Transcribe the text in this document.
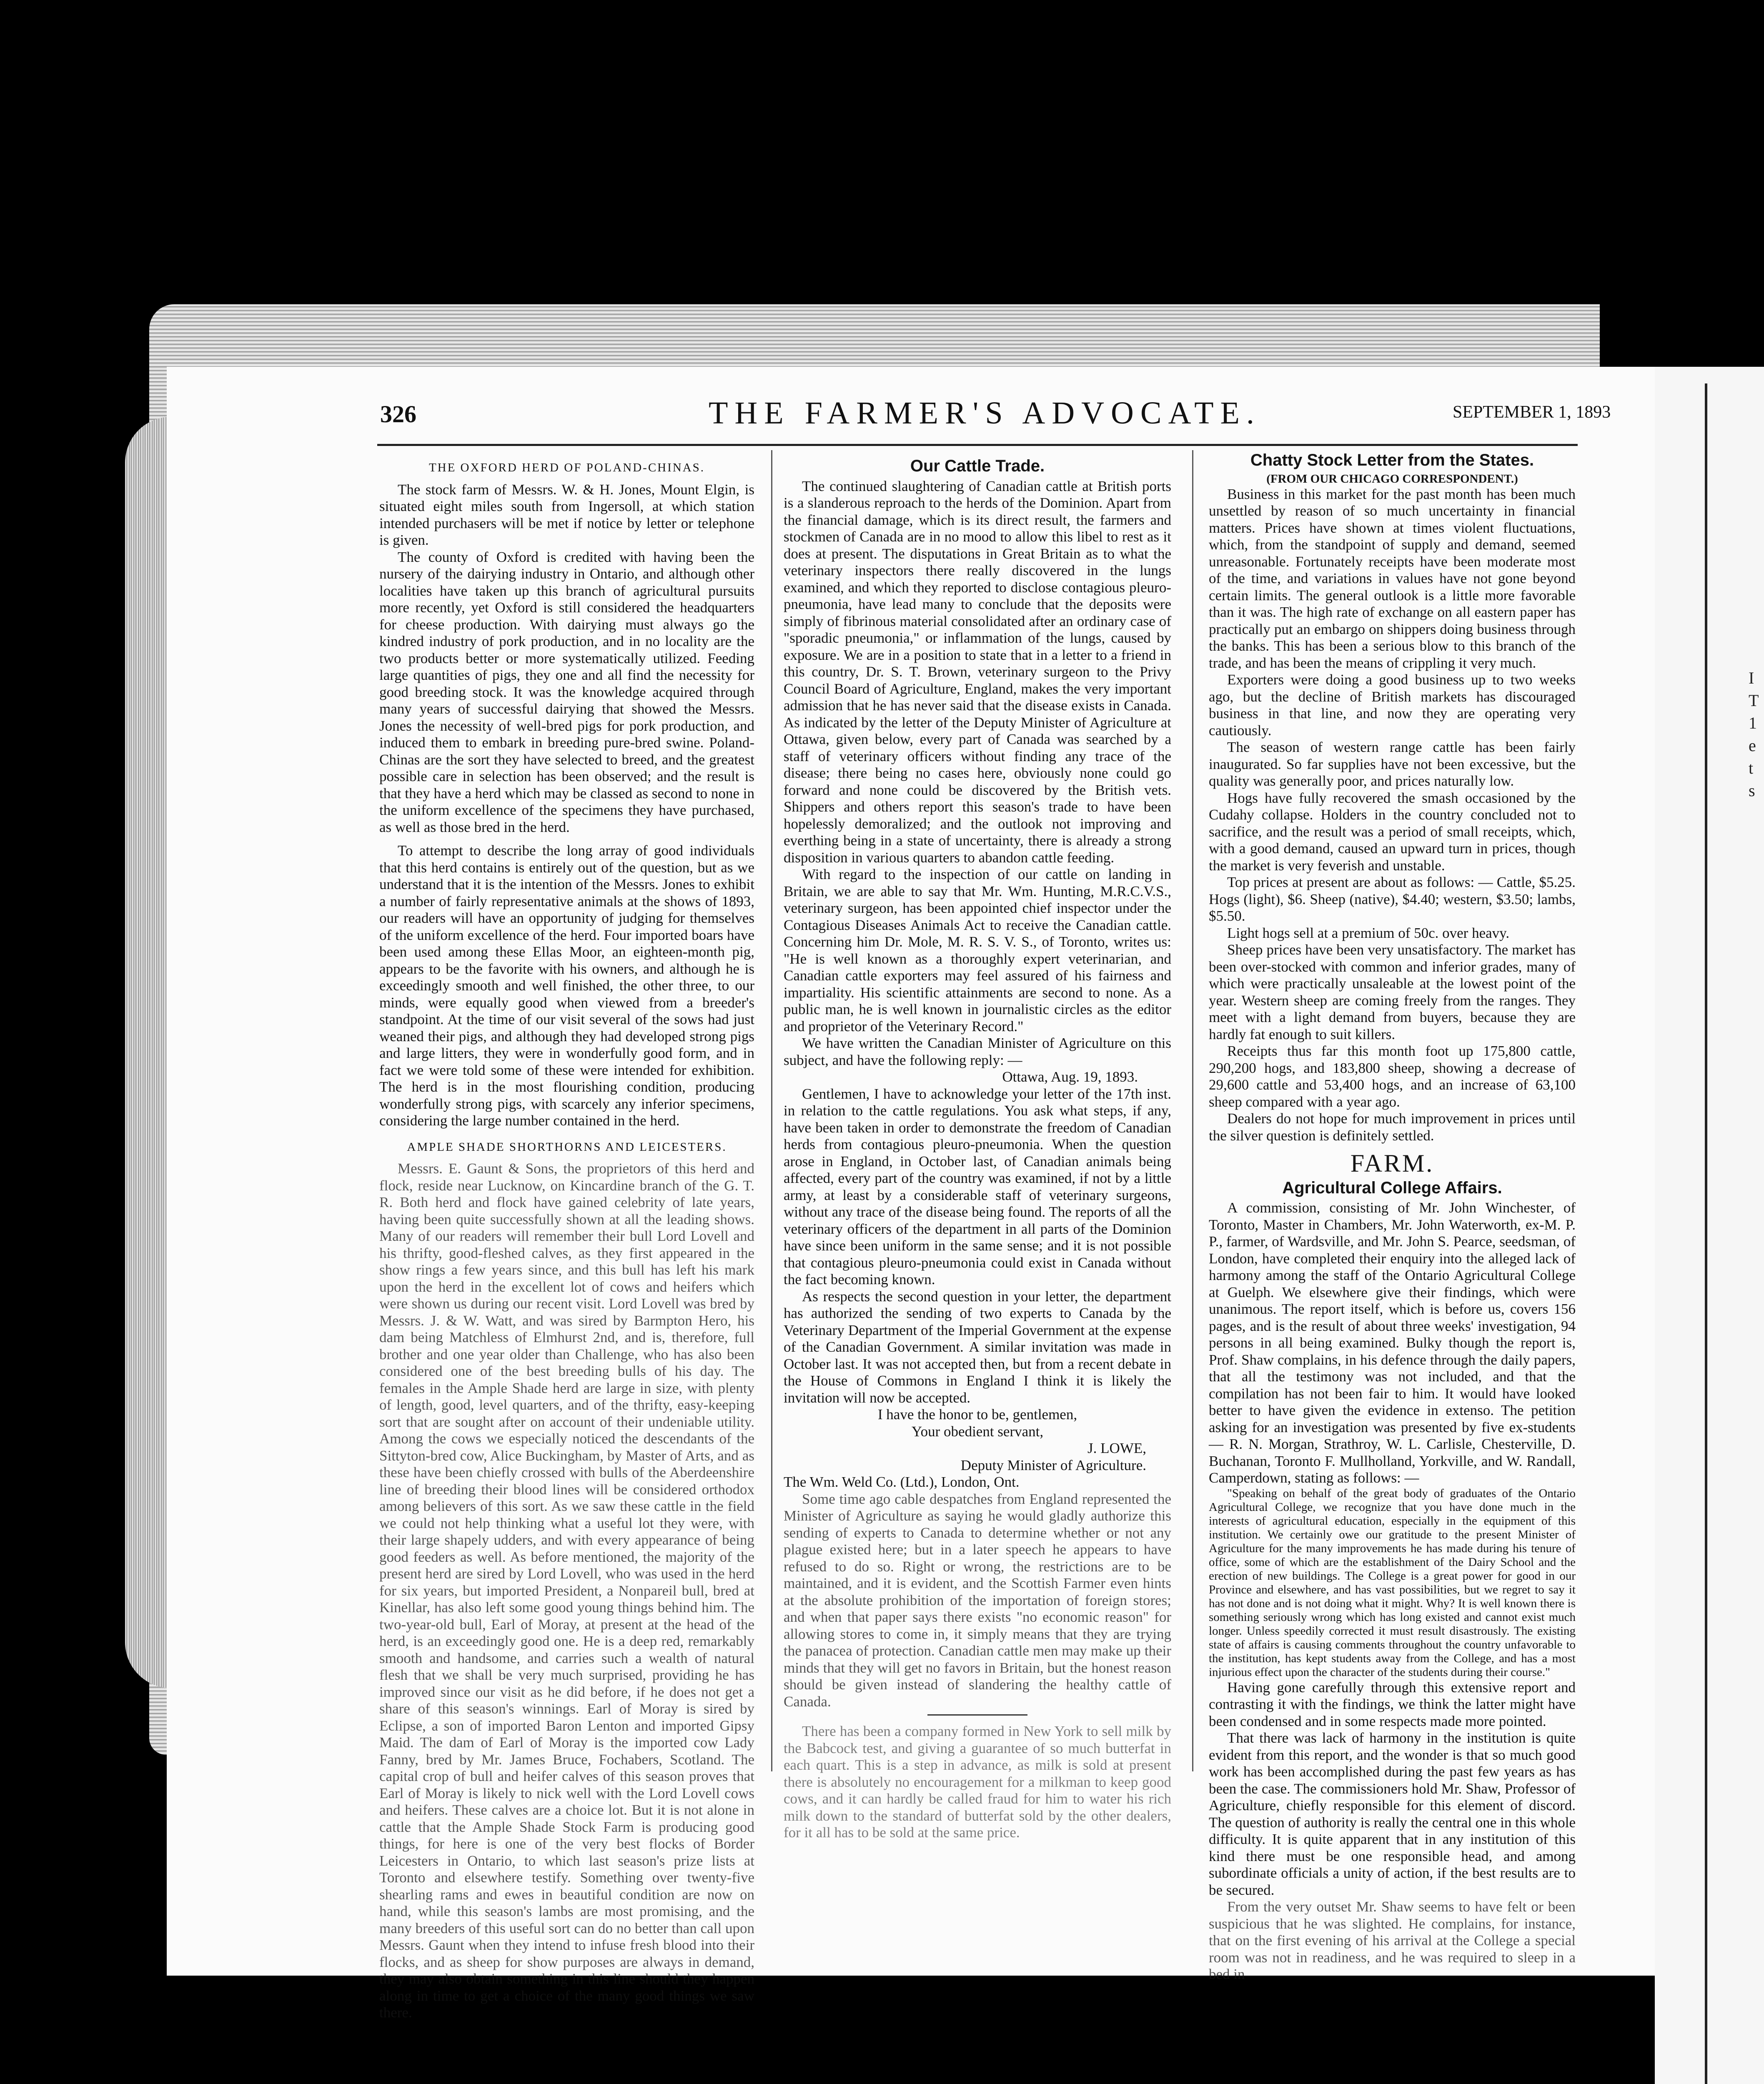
326	THE FARMER'S ADVOCATE.	SEPTEMBER 1, 1893
THE OXFORD HERD OF POLAND-CHINAS.

The stock farm of Messrs. W. & H. Jones, Mount Elgin, is situated eight miles south from Ingersoll, at which station intended purchasers will be met if notice by letter or telephone is given.

The county of Oxford is credited with having been the nursery of the dairying industry in Ontario, and although other localities have taken up this branch of agricultural pursuits more recently, yet Oxford is still considered the headquarters for cheese production. With dairying must always go the kindred industry of pork production, and in no locality are the two products better or more systematically utilized. Feeding large quantities of pigs, they one and all find the necessity for good breeding stock. It was the knowledge acquired through many years of successful dairying that showed the Messrs. Jones the necessity of well-bred pigs for pork production, and induced them to embark in breeding pure-bred swine. Poland-Chinas are the sort they have selected to breed, and the greatest possible care in selection has been observed; and the result is that they have a herd which may be classed as second to none in the uniform excellence of the specimens they have purchased, as well as those bred in the herd.

To attempt to describe the long array of good individuals that this herd contains is entirely out of the question, but as we understand that it is the intention of the Messrs. Jones to exhibit a number of fairly representative animals at the shows of 1893, our readers will have an opportunity of judging for themselves of the uniform excellence of the herd. Four imported boars have been used among these Ellas Moor, an eighteen-month pig, appears to be the favorite with his owners, and although he is exceedingly smooth and well finished, the other three, to our minds, were equally good when viewed from a breeder's standpoint. At the time of our visit several of the sows had just weaned their pigs, and although they had developed strong pigs and large litters, they were in wonderfully good form, and in fact we were told some of these were intended for exhibition. The herd is in the most flourishing condition, producing wonderfully strong pigs, with scarcely any inferior specimens, considering the large number contained in the herd.

AMPLE SHADE SHORTHORNS AND LEICESTERS.

Messrs. E. Gaunt & Sons, the proprietors of this herd and flock, reside near Lucknow, on Kincardine branch of the G. T. R. Both herd and flock have gained celebrity of late years, having been quite successfully shown at all the leading shows. Many of our readers will remember their bull Lord Lovell and his thrifty, good-fleshed calves, as they first appeared in the show rings a few years since, and this bull has left his mark upon the herd in the excellent lot of cows and heifers which were shown us during our recent visit. Lord Lovell was bred by Messrs. J. & W. Watt, and was sired by Barmpton Hero, his dam being Matchless of Elmhurst 2nd, and is, therefore, full brother and one year older than Challenge, who has also been considered one of the best breeding bulls of his day. The females in the Ample Shade herd are large in size, with plenty of length, good, level quarters, and of the thrifty, easy-keeping sort that are sought after on account of their undeniable utility. Among the cows we especially noticed the descendants of the Sittyton-bred cow, Alice Buckingham, by Master of Arts, and as these have been chiefly crossed with bulls of the Aberdeenshire line of breeding their blood lines will be considered orthodox among believers of this sort. As we saw these cattle in the field we could not help thinking what a useful lot they were, with their large shapely udders, and with every appearance of being good feeders as well. As before mentioned, the majority of the present herd are sired by Lord Lovell, who was used in the herd for six years, but imported President, a Nonpareil bull, bred at Kinellar, has also left some good young things behind him. The two-year-old bull, Earl of Moray, at present at the head of the herd, is an exceedingly good one. He is a deep red, remarkably smooth and handsome, and carries such a wealth of natural flesh that we shall be very much surprised, providing he has improved since our visit as he did before, if he does not get a share of this season's winnings. Earl of Moray is sired by Eclipse, a son of imported Baron Lenton and imported Gipsy Maid. The dam of Earl of Moray is the imported cow Lady Fanny, bred by Mr. James Bruce, Fochabers, Scotland. The capital crop of bull and heifer calves of this season proves that Earl of Moray is likely to nick well with the Lord Lovell cows and heifers. These calves are a choice lot. But it is not alone in cattle that the Ample Shade Stock Farm is producing good things, for here is one of the very best flocks of Border Leicesters in Ontario, to which last season's prize lists at Toronto and elsewhere testify. Something over twenty-five shearling rams and ewes in beautiful condition are now on hand, while this season's lambs are most promising, and the many breeders of this useful sort can do no better than call upon Messrs. Gaunt when they intend to infuse fresh blood into their flocks, and as sheep for show purposes are always in demand, they may also obtain something in this line should they happen along in time to get a choice of the many good things we saw there.

Our Cattle Trade.

The continued slaughtering of Canadian cattle at British ports is a slanderous reproach to the herds of the Dominion. Apart from the financial damage, which is its direct result, the farmers and stockmen of Canada are in no mood to allow this libel to rest as it does at present. The disputations in Great Britain as to what the veterinary inspectors there really discovered in the lungs examined, and which they reported to disclose contagious pleuro-pneumonia, have lead many to conclude that the deposits were simply of fibrinous material consolidated after an ordinary case of "sporadic pneumonia," or inflammation of the lungs, caused by exposure. We are in a position to state that in a letter to a friend in this country, Dr. S. T. Brown, veterinary surgeon to the Privy Council Board of Agriculture, England, makes the very important admission that he has never said that the disease exists in Canada. As indicated by the letter of the Deputy Minister of Agriculture at Ottawa, given below, every part of Canada was searched by a staff of veterinary officers without finding any trace of the disease; there being no cases here, obviously none could go forward and none could be discovered by the British vets. Shippers and others report this season's trade to have been hopelessly demoralized; and the outlook not improving and everthing being in a state of uncertainty, there is already a strong disposition in various quarters to abandon cattle feeding.

With regard to the inspection of our cattle on landing in Britain, we are able to say that Mr. Wm. Hunting, M.R.C.V.S., veterinary surgeon, has been appointed chief inspector under the Contagious Diseases Animals Act to receive the Canadian cattle. Concerning him Dr. Mole, M. R. S. V. S., of Toronto, writes us: "He is well known as a thoroughly expert veterinarian, and Canadian cattle exporters may feel assured of his fairness and impartiality. His scientific attainments are second to none. As a public man, he is well known in journalistic circles as the editor and proprietor of the Veterinary Record."

We have written the Canadian Minister of Agriculture on this subject, and have the following reply: —

Ottawa, Aug. 19, 1893.

Gentlemen, I have to acknowledge your letter of the 17th inst. in relation to the cattle regulations. You ask what steps, if any, have been taken in order to demonstrate the freedom of Canadian herds from contagious pleuro-pneumonia. When the question arose in England, in October last, of Canadian animals being affected, every part of the country was examined, if not by a little army, at least by a considerable staff of veterinary surgeons, without any trace of the disease being found. The reports of all the veterinary officers of the department in all parts of the Dominion have since been uniform in the same sense; and it is not possible that contagious pleuro-pneumonia could exist in Canada without the fact becoming known.

As respects the second question in your letter, the department has authorized the sending of two experts to Canada by the Veterinary Department of the Imperial Government at the expense of the Canadian Government. A similar invitation was made in October last. It was not accepted then, but from a recent debate in the House of Commons in England I think it is likely the invitation will now be accepted.

I have the honor to be, gentlemen,
Your obedient servant,
J. LOWE,
Deputy Minister of Agriculture.
The Wm. Weld Co. (Ltd.), London, Ont.

Some time ago cable despatches from England represented the Minister of Agriculture as saying he would gladly authorize this sending of experts to Canada to determine whether or not any plague existed here; but in a later speech he appears to have refused to do so. Right or wrong, the restrictions are to be maintained, and it is evident, and the Scottish Farmer even hints at the absolute prohibition of the importation of foreign stores; and when that paper says there exists "no economic reason" for allowing stores to come in, it simply means that they are trying the panacea of protection. Canadian cattle men may make up their minds that they will get no favors in Britain, but the honest reason should be given instead of slandering the healthy cattle of Canada.

There has been a company formed in New York to sell milk by the Babcock test, and giving a guarantee of so much butterfat in each quart. This is a step in advance, as milk is sold at present there is absolutely no encouragement for a milkman to keep good cows, and it can hardly be called fraud for him to water his rich milk down to the standard of butterfat sold by the other dealers, for it all has to be sold at the same price.

Chatty Stock Letter from the States.
(FROM OUR CHICAGO CORRESPONDENT.)

Business in this market for the past month has been much unsettled by reason of so much uncertainty in financial matters. Prices have shown at times violent fluctuations, which, from the standpoint of supply and demand, seemed unreasonable. Fortunately receipts have been moderate most of the time, and variations in values have not gone beyond certain limits. The general outlook is a little more favorable than it was. The high rate of exchange on all eastern paper has practically put an embargo on shippers doing business through the banks. This has been a serious blow to this branch of the trade, and has been the means of crippling it very much.

Exporters were doing a good business up to two weeks ago, but the decline of British markets has discouraged business in that line, and now they are operating very cautiously.

The season of western range cattle has been fairly inaugurated. So far supplies have not been excessive, but the quality was generally poor, and prices naturally low.

Hogs have fully recovered the smash occasioned by the Cudahy collapse. Holders in the country concluded not to sacrifice, and the result was a period of small receipts, which, with a good demand, caused an upward turn in prices, though the market is very feverish and unstable.

Top prices at present are about as follows: — Cattle, $5.25. Hogs (light), $6. Sheep (native), $4.40; western, $3.50; lambs, $5.50.

Light hogs sell at a premium of 50c. over heavy.

Sheep prices have been very unsatisfactory. The market has been over-stocked with common and inferior grades, many of which were practically unsaleable at the lowest point of the year. Western sheep are coming freely from the ranges. They meet with a light demand from buyers, because they are hardly fat enough to suit killers.

Receipts thus far this month foot up 175,800 cattle, 290,200 hogs, and 183,800 sheep, showing a decrease of 29,600 cattle and 53,400 hogs, and an increase of 63,100 sheep compared with a year ago.

Dealers do not hope for much improvement in prices until the silver question is definitely settled.

FARM.
Agricultural College Affairs.

A commission, consisting of Mr. John Winchester, of Toronto, Master in Chambers, Mr. John Waterworth, ex-M. P. P., farmer, of Wardsville, and Mr. John S. Pearce, seedsman, of London, have completed their enquiry into the alleged lack of harmony among the staff of the Ontario Agricultural College at Guelph. We elsewhere give their findings, which were unanimous. The report itself, which is before us, covers 156 pages, and is the result of about three weeks' investigation, 94 persons in all being examined. Bulky though the report is, Prof. Shaw complains, in his defence through the daily papers, that all the testimony was not included, and that the compilation has not been fair to him. It would have looked better to have given the evidence in extenso. The petition asking for an investigation was presented by five ex-students — R. N. Morgan, Strathroy, W. L. Carlisle, Chesterville, D. Buchanan, Toronto F. Mullholland, Yorkville, and W. Randall, Camperdown, stating as follows: —

"Speaking on behalf of the great body of graduates of the Ontario Agricultural College, we recognize that you have done much in the interests of agricultural education, especially in the equipment of this institution. We certainly owe our gratitude to the present Minister of Agriculture for the many improvements he has made during his tenure of office, some of which are the establishment of the Dairy School and the erection of new buildings. The College is a great power for good in our Province and elsewhere, and has vast possibilities, but we regret to say it has not done and is not doing what it might. Why? It is well known there is something seriously wrong which has long existed and cannot exist much longer. Unless speedily corrected it must result disastrously. The existing state of affairs is causing comments throughout the country unfavorable to the institution, has kept students away from the College, and has a most injurious effect upon the character of the students during their course."

Having gone carefully through this extensive report and contrasting it with the findings, we think the latter might have been condensed and in some respects made more pointed.

That there was lack of harmony in the institution is quite evident from this report, and the wonder is that so much good work has been accomplished during the past few years as has been the case. The commissioners hold Mr. Shaw, Professor of Agriculture, chiefly responsible for this element of discord. The question of authority is really the central one in this whole difficulty. It is quite apparent that in any institution of this kind there must be one responsible head, and among subordinate officials a unity of action, if the best results are to be secured.

From the very outset Mr. Shaw seems to have felt or been suspicious that he was slighted. He complains, for instance, that on the first evening of his arrival at the College a special room was not in readiness, and he was required to sleep in a bed in

I
T
1
e
t
s
